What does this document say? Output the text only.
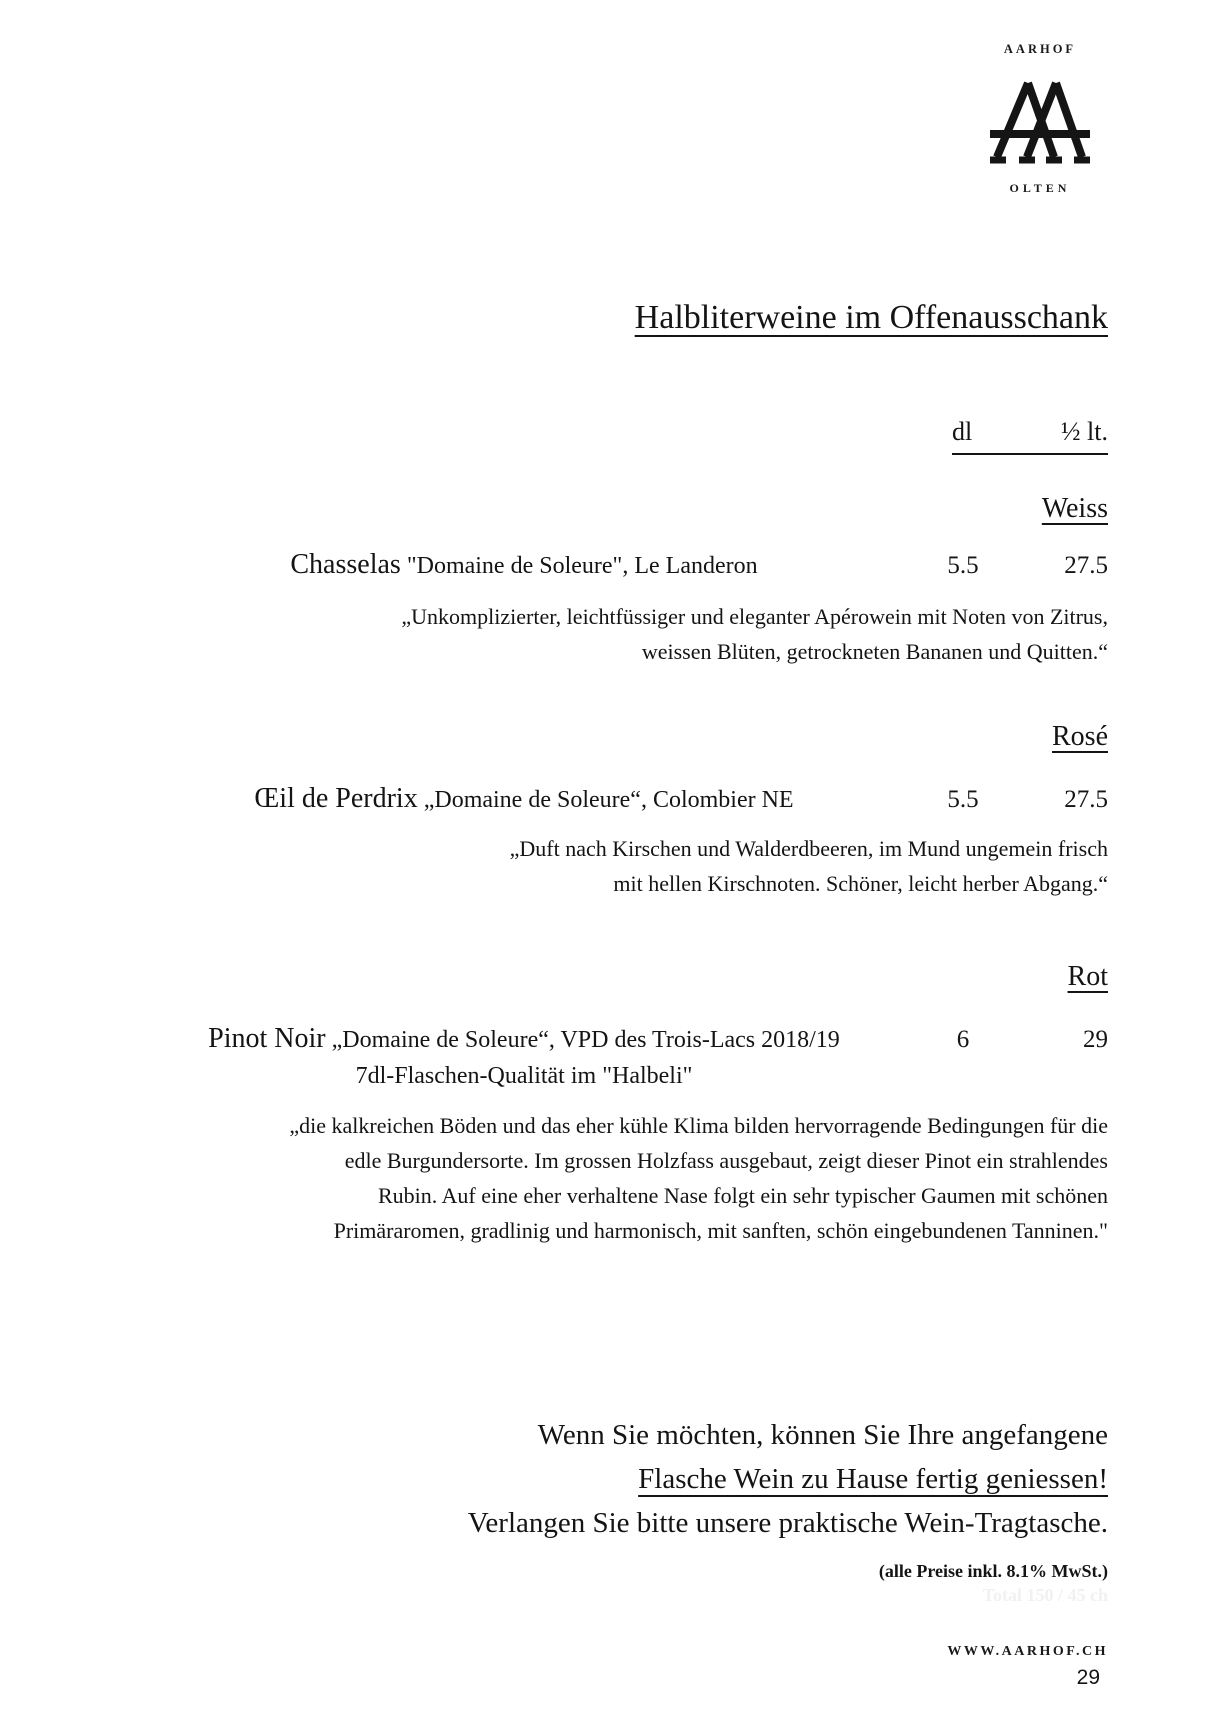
AARHOF
OLTEN
Halbliterweine im Offenausschank
dl	½ lt.
Weiss
Chasselas "Domaine de Soleure", Le Landeron	5.5	27.5

„Unkomplizierter, leichtfüssiger und eleganter Apérowein mit Noten von Zitrus,
weissen Blüten, getrockneten Bananen und Quitten.“

Rosé
Œil de Perdrix „Domaine de Soleure“, Colombier NE	5.5	27.5

„Duft nach Kirschen und Walderdbeeren, im Mund ungemein frisch
mit hellen Kirschnoten. Schöner, leicht herber Abgang.“

Rot
Pinot Noir „Domaine de Soleure“, VPD des Trois-Lacs 2018/19
7dl-Flaschen-Qualität im "Halbeli"
6	29

„die kalkreichen Böden und das eher kühle Klima bilden hervorragende Bedingungen für die
edle Burgundersorte. Im grossen Holzfass ausgebaut, zeigt dieser Pinot ein strahlendes
Rubin. Auf eine eher verhaltene Nase folgt ein sehr typischer Gaumen mit schönen
Primäraromen, gradlinig und harmonisch, mit sanften, schön eingebundenen Tanninen."

Wenn Sie möchten, können Sie Ihre angefangene
Flasche Wein zu Hause fertig geniessen!
Verlangen Sie bitte unsere praktische Wein-Tragtasche.
(alle Preise inkl. 8.1% MwSt.)
Total 150 / 45 ch
WWW.AARHOF.CH
29
